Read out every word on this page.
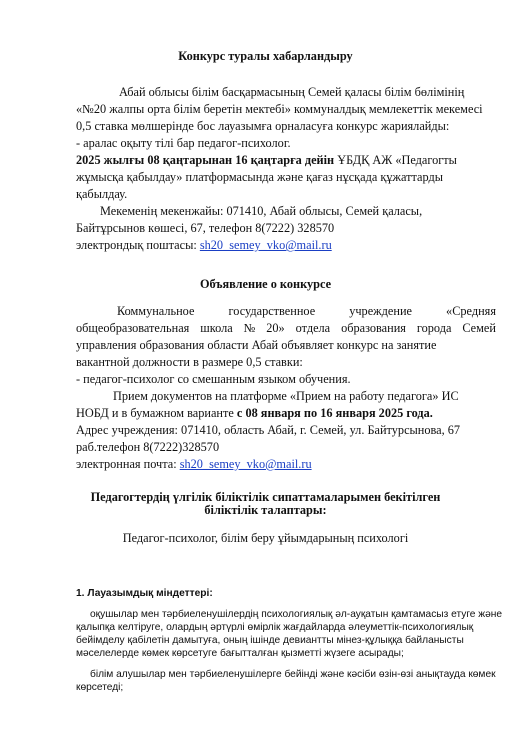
Конкурс туралы хабарландыру
Абай облысы білім басқармасының Семей қаласы білім бөлімінің
«№20 жалпы орта білім беретін мектебі» коммуналдық мемлекеттік мекемесі
0,5 ставка мөлшерінде бос лауазымға орналасуға конкурс жариялайды:
- аралас оқыту тілі бар педагог-психолог.
2025 жылғы 08 қаңтарынан 16 қаңтарға дейін ҰБДҚ АЖ «Педагогты
жұмысқа қабылдау» платформасында және қағаз нұсқада құжаттарды
қабылдау.
Мекеменің мекенжайы: 071410, Абай облысы, Семей қаласы,
Байтұрсынов көшесі, 67, телефон 8(7222) 328570
электрондық поштасы: sh20_semey_vko@mail.ru
Объявление о конкурсе
Коммунальное	государственное	учреждение	«Средняя
общеобразовательная школа № 20» отдела образования города Семей
управления образования области Абай объявляет конкурс на занятие
вакантной должности в размере 0,5 ставки:
- педагог-психолог со смешанным языком обучения.
Прием документов на платформе «Прием на работу педагога» ИС
НОБД и в бумажном варианте с 08 января по 16 января 2025 года.
Адрес учреждения: 071410, область Абай, г. Семей, ул. Байтурсынова, 67
раб.телефон 8(7222)328570
электронная почта: sh20_semey_vko@mail.ru
Педагогтердің үлгілік біліктілік сипаттамаларымен бекітілген
біліктілік талаптары:
Педагог-психолог, білім беру ұйымдарының психологі
1. Лауазымдық міндеттері:
оқушылар мен тәрбиеленушілердің психологиялық әл-ауқатын қамтамасыз етуге және
қалыпқа келтіруге, олардың әртүрлі өмірлік жағдайларда әлеуметтік-психологиялық
бейімделу қабілетін дамытуға, оның ішінде девиантты мінез-құлыққа байланысты
мәселелерде көмек көрсетуге бағытталған қызметті жүзеге асырады;
білім алушылар мен тәрбиеленушілерге бейінді және кәсіби өзін-өзі анықтауда көмек
көрсетеді;
